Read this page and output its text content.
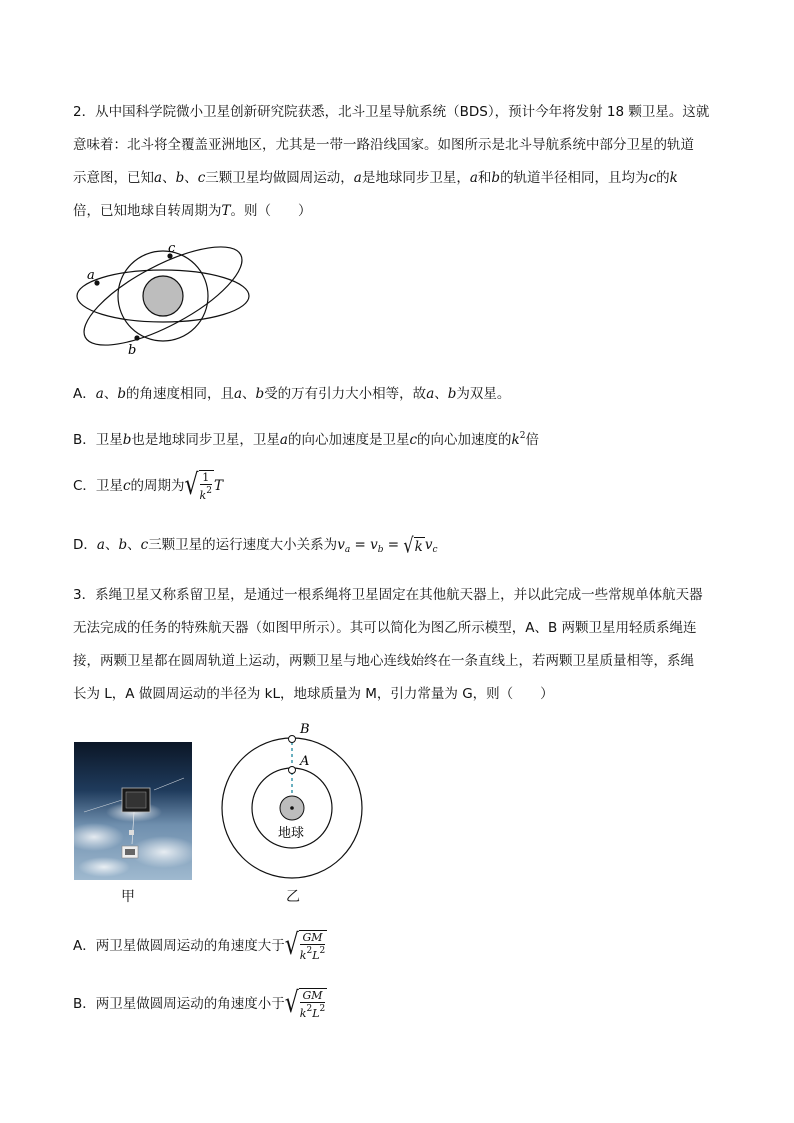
2．从中国科学院微小卫星创新研究院获悉，北斗卫星导航系统（BDS），预计今年将发射 18 颗卫星。这就
意味着：北斗将全覆盖亚洲地区，尤其是一带一路沿线国家。如图所示是北斗导航系统中部分卫星的轨道
示意图，已知a、b、c三颗卫星均做圆周运动，a是地球同步卫星，a和b的轨道半径相同，且均为c的k
倍，已知地球自转周期为T。则（　　）
a
b
c
A．a、b的角速度相同，且a、b受的万有引力大小相等，故a、b为双星。
B．卫星b也是地球同步卫星，卫星a的向心加速度是卫星c的向心加速度的$k^2$倍
C．卫星c的周期为 √ $\frac{1}{k^2}$ T
D．a、b、c三颗卫星的运行速度大小关系为$v_a = v_b$ = √ k $v_c$
3．系绳卫星又称系留卫星，是通过一根系绳将卫星固定在其他航天器上，并以此完成一些常规单体航天器
无法完成的任务的特殊航天器（如图甲所示）。其可以简化为图乙所示模型，A、B 两颗卫星用轻质系绳连
接，两颗卫星都在圆周轨道上运动，两颗卫星与地心连线始终在一条直线上，若两颗卫星质量相等，系绳
长为 L，A 做圆周运动的半径为 kL，地球质量为 M，引力常量为 G，则（　　）
甲
B
A
地球
乙
A．两卫星做圆周运动的角速度大于 √ $\frac{GM}{k^2L^2}$
B．两卫星做圆周运动的角速度小于 √ $\frac{GM}{k^2L^2}$
